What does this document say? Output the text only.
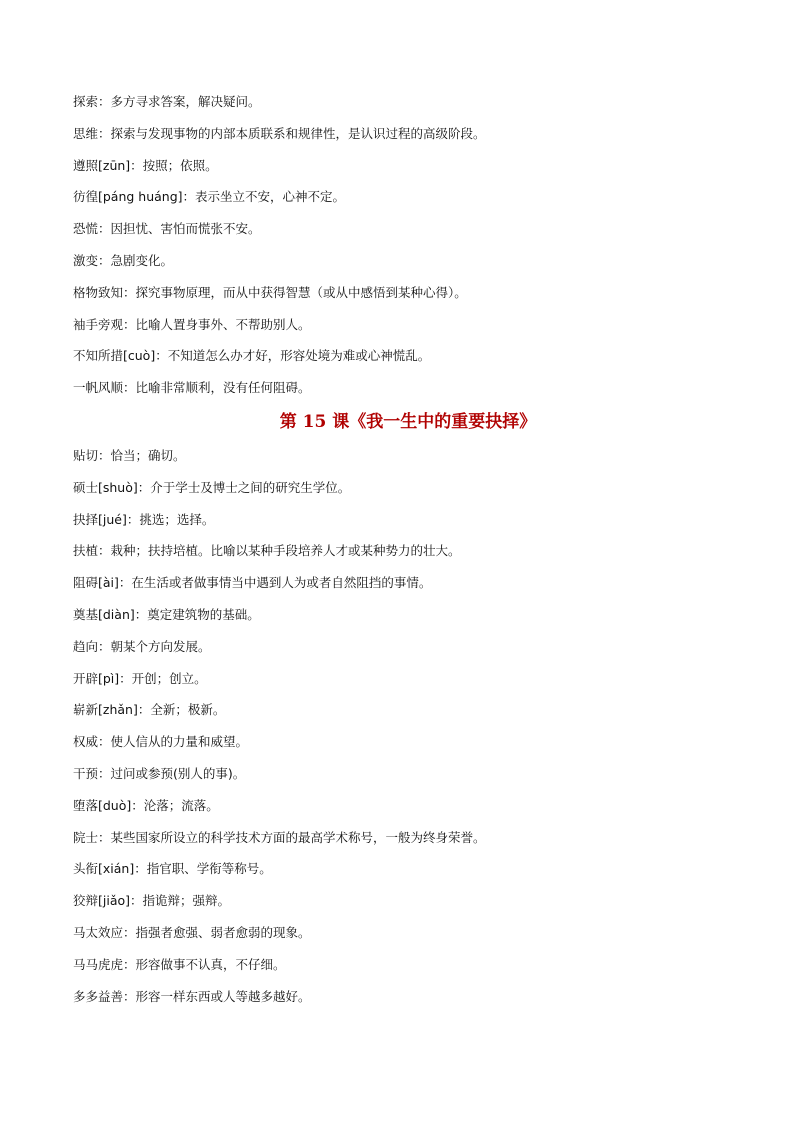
探索：多方寻求答案，解决疑问。
思维：探索与发现事物的内部本质联系和规律性，是认识过程的高级阶段。
遵照[zūn]：按照；依照。
彷徨[páng huáng]：表示坐立不安，心神不定。
恐慌：因担忧、害怕而慌张不安。
激变：急剧变化。
格物致知：探究事物原理，而从中获得智慧（或从中感悟到某种心得）。
袖手旁观：比喻人置身事外、不帮助别人。
不知所措[cuò]：不知道怎么办才好，形容处境为难或心神慌乱。
一帆风顺：比喻非常顺利，没有任何阻碍。
第 15 课《我一生中的重要抉择》
贴切：恰当；确切。
硕士[shuò]：介于学士及博士之间的研究生学位。
抉择[jué]：挑选；选择。
扶植：栽种；扶持培植。比喻以某种手段培养人才或某种势力的壮大。
阻碍[ài]：在生活或者做事情当中遇到人为或者自然阻挡的事情。
奠基[diàn]：奠定建筑物的基础。
趋向：朝某个方向发展。
开辟[pì]：开创；创立。
崭新[zhǎn]：全新；极新。
权威：使人信从的力量和威望。
干预：过问或参预(别人的事)。
堕落[duò]：沦落；流落。
院士：某些国家所设立的科学技术方面的最高学术称号，一般为终身荣誉。
头衔[xián]：指官职、学衔等称号。
狡辩[jiǎo]：指诡辩；强辩。
马太效应：指强者愈强、弱者愈弱的现象。
马马虎虎：形容做事不认真，不仔细。
多多益善：形容一样东西或人等越多越好。
